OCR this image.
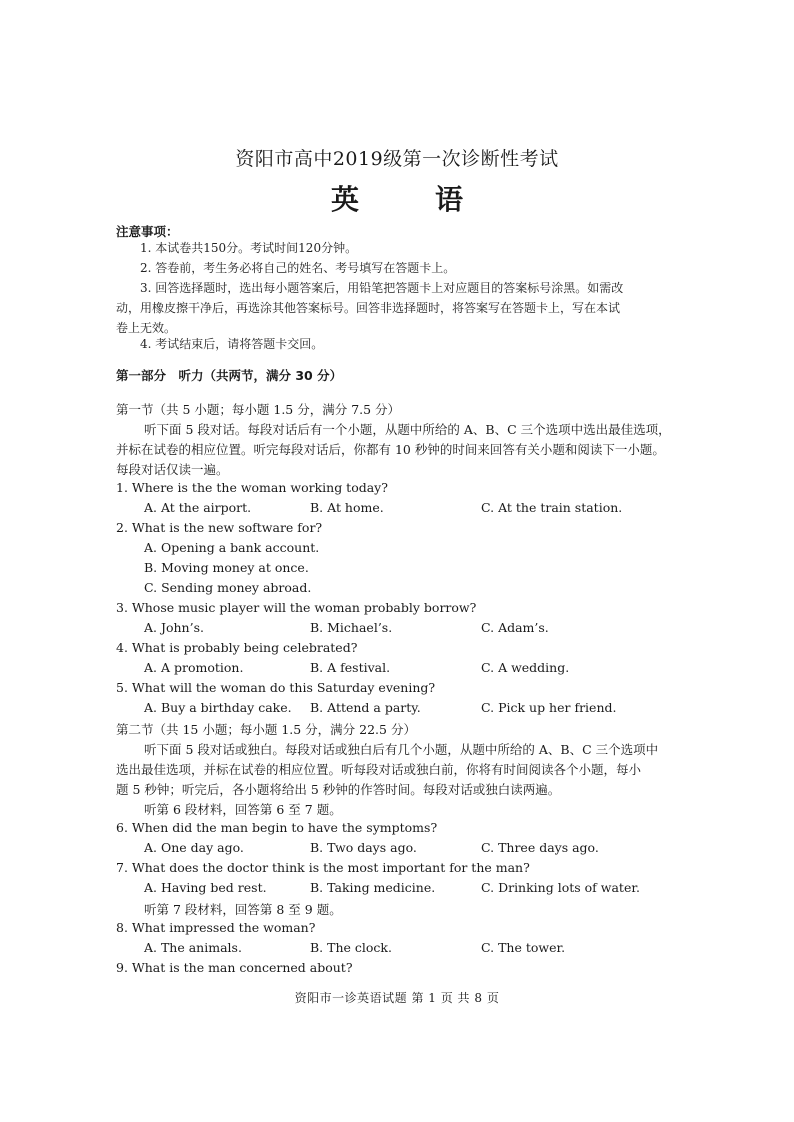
资阳市高中2019级第一次诊断性考试
英　语
注意事项：
1. 本试卷共150分。考试时间120分钟。
2. 答卷前，考生务必将自己的姓名、考号填写在答题卡上。
3. 回答选择题时，选出每小题答案后，用铅笔把答题卡上对应题目的答案标号涂黑。如需改
动，用橡皮擦干净后，再选涂其他答案标号。回答非选择题时，将答案写在答题卡上，写在本试
卷上无效。
4. 考试结束后，请将答题卡交回。
第一部分　听力（共两节，满分 30 分）
第一节（共 5 小题；每小题 1.5 分，满分 7.5 分）
听下面 5 段对话。每段对话后有一个小题，从题中所给的 A、B、C 三个选项中选出最佳选项，
并标在试卷的相应位置。听完每段对话后，你都有 10 秒钟的时间来回答有关小题和阅读下一小题。
每段对话仅读一遍。
1. Where is the the woman working today?
A. At the airport.	B. At home.	C. At the train station.
2. What is the new software for?
A. Opening a bank account.
B. Moving money at once.
C. Sending money abroad.
3. Whose music player will the woman probably borrow?
A. John’s.	B. Michael’s.	C. Adam’s.
4. What is probably being celebrated?
A. A promotion.	B. A festival.	C. A wedding.
5. What will the woman do this Saturday evening?
A. Buy a birthday cake. B. Attend a party.	C. Pick up her friend.
第二节（共 15 小题；每小题 1.5 分，满分 22.5 分）
听下面 5 段对话或独白。每段对话或独白后有几个小题，从题中所给的 A、B、C 三个选项中
选出最佳选项，并标在试卷的相应位置。听每段对话或独白前，你将有时间阅读各个小题，每小
题 5 秒钟；听完后，各小题将给出 5 秒钟的作答时间。每段对话或独白读两遍。
听第 6 段材料，回答第 6 至 7 题。
6. When did the man begin to have the symptoms?
A. One day ago.	B. Two days ago.	C. Three days ago.
7. What does the doctor think is the most important for the man?
A. Having bed rest.	B. Taking medicine.	C. Drinking lots of water.
听第 7 段材料，回答第 8 至 9 题。
8. What impressed the woman?
A. The animals.	B. The clock.	C. The tower.
9. What is the man concerned about?
资阳市一诊英语试题 第 1 页 共 8 页
